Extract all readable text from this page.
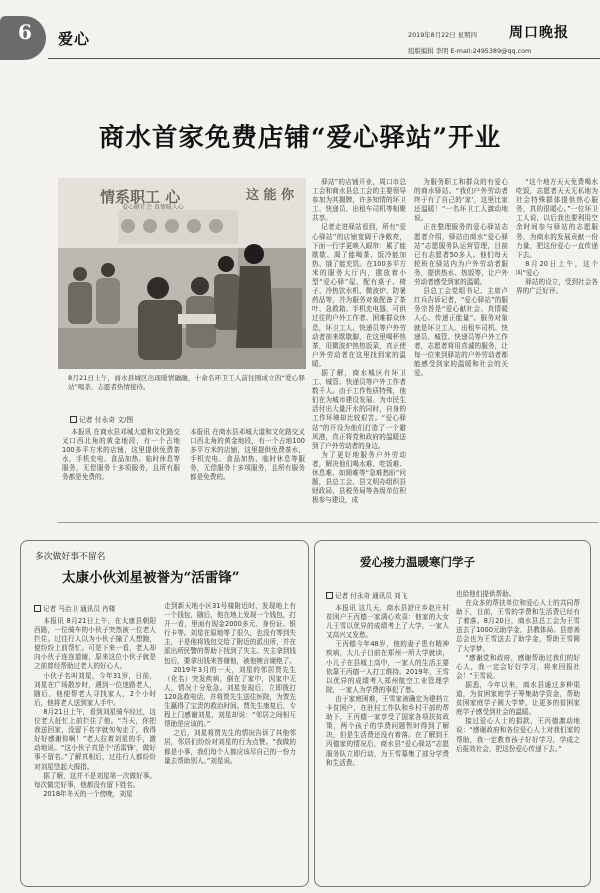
6 爱心	2019年8月22日 星期四 周口晚报
组版编辑 李明 E-mail:2495389@qq.com
商水首家免费店铺“爱心驿站”开业
情系职工 心
爱心献社会 真情暖人心
这 能 你
8月21日上午，商水县城区出现暖情融融，十余名环卫工人前往刚成立的“爱心驿站”喝茶，志愿者热情接待。
记者 付永奇 文/图

本报讯 在商水县邓城大道和文化路交叉口西北角的黄金地段，有一个占地100多平方米的店铺，这里提供免费茶水，手机充电、食品加热、临时休息等服务，无偿服务十多项服务，且所有服务都是免费的。

本报讯 在商水县邓城大道和文化路交叉口西北角的黄金地段，有一个占地100多平方米的店铺，这里提供免费茶水，手机充电、食品加热、临时休息等服务，无偿服务十多项服务，且所有服务都是免费的。

驿站”的店铺开业，周口市总工会和商水县总工会的主要领导参加为其揭牌，许多知情的环卫工、快递员、出租车司机等相聚共享。

记者走进驿站看到，所有“爱心驿站”的店铺宽阔干净敞亮，下面一行字更映入眼帘：累了能歇歇、渴了能喝茶、饭冷能加热、饿了能充饥。在100多平方米的服务大厅内，摆放着小型“爱心驿”屋，配有桌子、椅子、冷热饮水机、微波炉、防暑药品等，并为服务对象配备了茶叶、急救箱、手机充电器，可供过往的户外工作者、困难群众休息，环卫工人、快递员等户外劳动者前来歇歇脚，在这里喝杯热茶，用微波炉热热饭菜，真正使户外劳动者在这里找到家的温暖。

据了解，商水城区有环卫工、城管、快递员等户外工作者数千人。由于工作性质特殊，他们在为城市建设发展、为市民生活付出大量汗水的同时，自身的工作环境却比较艰苦。“爱心驿站”的开设为他们打造了一个避风港，真正将党和政府的温暖送到了户外劳动者的身边。

为了更好地服务户外劳动者，解决他们喝水难、吃饭难、休息难、如厕难等“急难愁盼”问题，县总工会、县文明办组织县财政局、县税务局等各级单位积极参与建设，成

为服务职工和群众的有爱心的商水驿站。“我们户外劳动者终于有了自己的‘家’，这里比家还温暖！”一名环卫工人激动地说。

正在整理服务的爱心驿站志愿者介绍，驿站由商水“爱心驿站”志愿服务队运营管理，目前已有志愿者50多人。他们每天轮班在驿站内为户外劳动者服务，提供热水、热饭等，让户外劳动者感受到家的温暖。

县总工会党组书记、主席卢红兵告诉记者，“爱心驿站”的服务宗旨是“爱心献社会、真情暖人心、传递正能量”。服务对象就是环卫工人、出租车司机、快递员、城管、快递员等户外工作者，志愿者将用真诚的服务，让每一位来到驿站的户外劳动者都能感受到家的温暖和社会的关爱。

“这个地方天天免费喝水吃饭，志愿者天天无私地为社会特殊群体提供热心服务，真的很暖心。”一位环卫工人说，以后我也要利用空余时间参与驿站的志愿服务，为商水的发展贡献一份力量，把这份爱心一直传递下去。

8月20日上午，这个叫“爱心

驿站的设立，受到社会各界的广泛好评。

多次做好事不留名
太康小伙刘星被誉为“活雷锋”
记者 马治卫 通讯员 肖楼

本报讯 8月21日上午，在太康县朝阳西路，一位骑车的小伙子突然被一位老人拦住。过往行人以为小伙子撞了人想跑，便纷纷上前帮忙。可是下来一看，老人却向小伙子连连道谢，原来这位小伙子就是之前曾经帮助过老人的好心人。

小伙子名叫刘星，今年31岁，日前，刘星在广场散步时，遇到一位迷路老人，随后，他便帮老人寻找家人，2个小时后，他将老人送到家人手中。

8月21日上午，看到刘星骑车经过，这位老人赶忙上前拦住了他。“当天，你把我送回家，没留下名字就匆匆走了，我得好好感谢你啊！”老人拉着刘星的手，激动地说。“这小伙子真是个‘活雷锋’，做好事不留名。”了解真相后，过往行人都纷纷对刘星竖起大拇指。

据了解，这并不是刘星第一次做好事。每次做完好事，他都没有留下姓名。

2018年冬天的一个傍晚，刘星

走到新天地小区31号楼附近时，发现地上有一个钱包，随后，他在地上发现一个钱包，打开一看，里面有现金2000多元、身份证、银行卡等。刘星在原地等了很久，也没有等到失主，于是他将钱包交给了附近的派出所，并在派出所民警的帮助下找到了失主。失主拿到钱包后，要拿出钱来答谢他，被他婉言谢绝了。

2019年3月的一天，刘星的邻居贾先生（化名）突发疾病，倒在了家中，因家中无人，情况十分危急。刘星发现后，立即拨打120急救电话，并将贾先生送往医院，为贾先生赢得了宝贵的救治时间。贾先生康复后，专程上门感谢刘星，刘星却说：“邻居之间相互帮助是应该的。”

之后，刘星将贾先生的情况告诉了其他邻居，邻居们纷纷对刘星的行为点赞。“我做的都是小事，我们每个人都应该尽自己的一份力量去帮助别人。”刘星说。

爱心接力温暖寒门学子
记者 付永奇 通讯员 刘飞

本报讯 这几天，商水县舒庄乡赵庄村贫困户王丙德一家满心欢喜：他家的大女儿王雪以优异的成绩考上了大学，一家人又高兴又发愁。

王丙德今年48岁，他的妻子患有精神疾病，大儿子目前在郑州一所大学就读，小儿子在县城上高中，一家人的生活主要依靠王丙德一人打工维持。2019年，王雪以优异的成绩考入郑州航空工业管理学院，一家人为学费的事犯了愁。

由于家庭困难，王雪家被确定为建档立卡贫困户，在驻村工作队和乡村干部的帮助下，王丙德一家享受了国家各项扶贫政策，两个孩子的学费问题暂时得到了解决，但是生活费还没有着落。在了解到王丙德家的情况后，商水县“爱心驿站”志愿服务队立即行动，为王雪募集了部分学费和生活费。

也给他们提供帮助。

在众多的帮扶单位和爱心人士的共同帮助下，目前，王雪的学费和生活费已经有了着落。8月20日，商水县总工会为王雪送去了1000元助学金，县教体局、县慈善总会也为王雪送去了助学金，帮助王雪圆了大学梦。

“感谢党和政府，感谢帮助过我们的好心人，我一定会好好学习，将来回报社会！”王雪说。

据悉，今年以来，商水县通过多种渠道，为贫困家庭学子筹集助学资金，帮助贫困家庭学子圆大学梦，让更多的贫困家庭学子感受到社会的温暖。

接过爱心人士的捐款，王丙德激动地说：“感谢政府和各位爱心人士对我们家的帮助，我一定教育孩子好好学习，学成之后报效社会，把这份爱心传递下去。”
